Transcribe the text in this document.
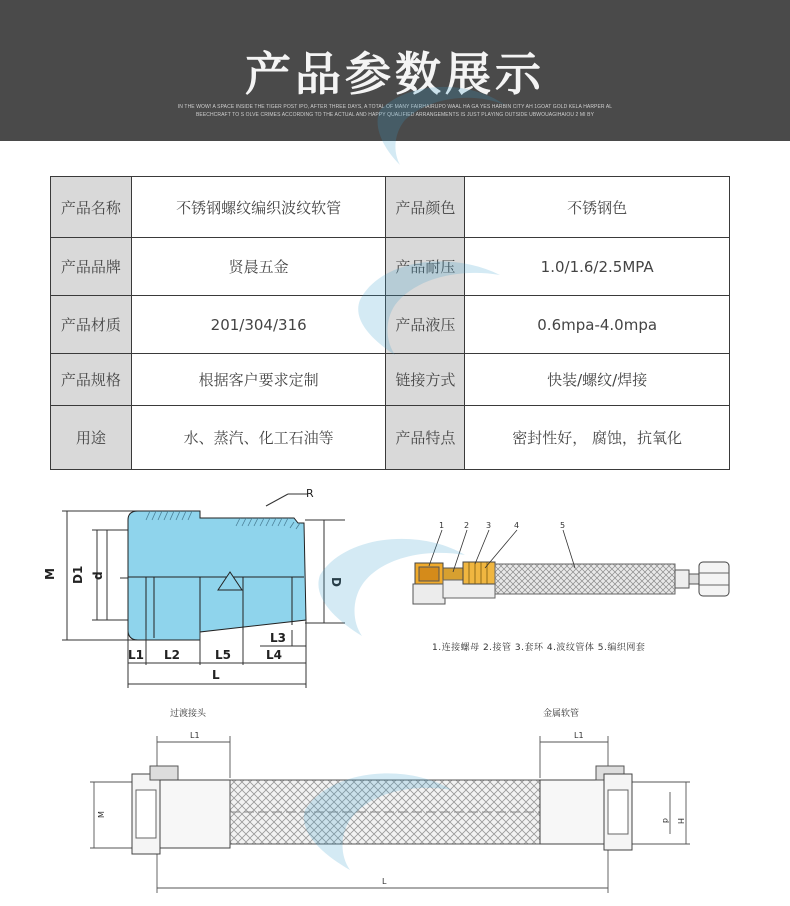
产品参数展示
IN THE WOW! A SPACE INSIDE THE TIGER POST IPO, AFTER THREE DAYS, A TOTAL OF MANY FAIRHAIRUPO WAAL HA GA YES HARBIN CITY AH 1GOAT GOLD KELA HARPER AL BEECHCRAFT TO S OLVE CRIMES ACCORDING TO THE ACTUAL AND HAPPY QUALIFIED ARRANGEMENTS IS JUST PLAYING OUTSIDE UBWOUAGIHAIOU 2 MI BY
产品名称	不锈钢螺纹编织波纹软管	产品颜色	不锈钢色
产品品牌	贤晨五金	产品耐压	1.0/1.6/2.5MPA
产品材质	201/304/316	产品液压	0.6mpa-4.0mpa
产品规格	根据客户要求定制	链接方式	快装/螺纹/焊接
用途	水、蒸汽、化工石油等	产品特点	密封性好， 腐蚀，抗氧化
R
M D1 d
D
L1 L2	L5
L3
L4
L
1 2 3	4	5
1.连接螺母 2.接管 3.套环 4.波纹管体 5.编织网套
过渡接头	金属软管
L1	L1
M
d H
L
